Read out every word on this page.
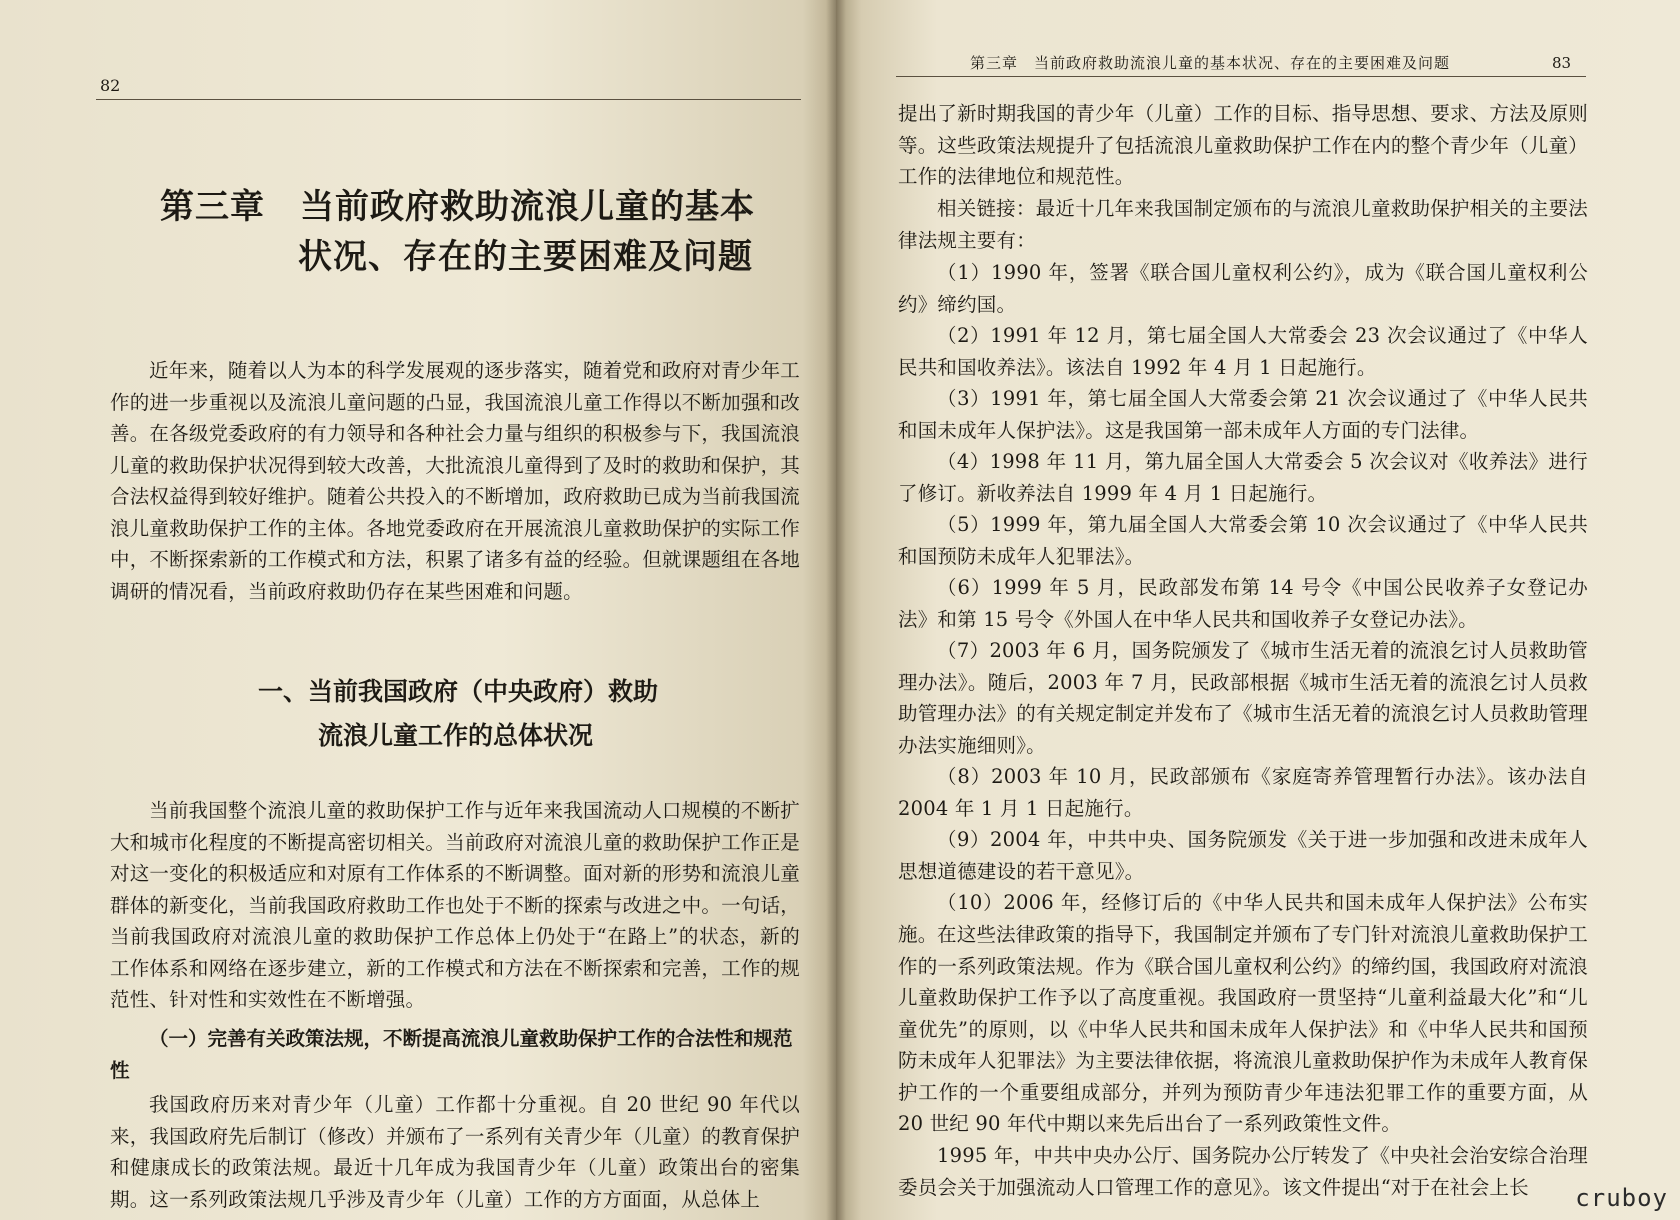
82
第三章　当前政府救助流浪儿童的基本
状况、存在的主要困难及问题
近年来，随着以人为本的科学发展观的逐步落实，随着党和政府对青少年工作的进一步重视以及流浪儿童问题的凸显，我国流浪儿童工作得以不断加强和改善。在各级党委政府的有力领导和各种社会力量与组织的积极参与下，我国流浪儿童的救助保护状况得到较大改善，大批流浪儿童得到了及时的救助和保护，其合法权益得到较好维护。随着公共投入的不断增加，政府救助已成为当前我国流浪儿童救助保护工作的主体。各地党委政府在开展流浪儿童救助保护的实际工作中，不断探索新的工作模式和方法，积累了诸多有益的经验。但就课题组在各地调研的情况看，当前政府救助仍存在某些困难和问题。
一、当前我国政府（中央政府）救助
流浪儿童工作的总体状况
当前我国整个流浪儿童的救助保护工作与近年来我国流动人口规模的不断扩大和城市化程度的不断提高密切相关。当前政府对流浪儿童的救助保护工作正是对这一变化的积极适应和对原有工作体系的不断调整。面对新的形势和流浪儿童群体的新变化，当前我国政府救助工作也处于不断的探索与改进之中。一句话，当前我国政府对流浪儿童的救助保护工作总体上仍处于“在路上”的状态，新的工作体系和网络在逐步建立，新的工作模式和方法在不断探索和完善，工作的规范性、针对性和实效性在不断增强。
（一）完善有关政策法规，不断提高流浪儿童救助保护工作的合法性和规范性
我国政府历来对青少年（儿童）工作都十分重视。自 20 世纪 90 年代以来，我国政府先后制订（修改）并颁布了一系列有关青少年（儿童）的教育保护和健康成长的政策法规。最近十几年成为我国青少年（儿童）政策出台的密集期。这一系列政策法规几乎涉及青少年（儿童）工作的方方面面，从总体上
第三章　当前政府救助流浪儿童的基本状况、存在的主要困难及问题	83
提出了新时期我国的青少年（儿童）工作的目标、指导思想、要求、方法及原则等。这些政策法规提升了包括流浪儿童救助保护工作在内的整个青少年（儿童）工作的法律地位和规范性。
相关链接：最近十几年来我国制定颁布的与流浪儿童救助保护相关的主要法律法规主要有：
（1）1990 年，签署《联合国儿童权利公约》，成为《联合国儿童权利公约》缔约国。
（2）1991 年 12 月，第七届全国人大常委会 23 次会议通过了《中华人民共和国收养法》。该法自 1992 年 4 月 1 日起施行。
（3）1991 年，第七届全国人大常委会第 21 次会议通过了《中华人民共和国未成年人保护法》。这是我国第一部未成年人方面的专门法律。
（4）1998 年 11 月，第九届全国人大常委会 5 次会议对《收养法》进行了修订。新收养法自 1999 年 4 月 1 日起施行。
（5）1999 年，第九届全国人大常委会第 10 次会议通过了《中华人民共和国预防未成年人犯罪法》。
（6）1999 年 5 月，民政部发布第 14 号令《中国公民收养子女登记办法》和第 15 号令《外国人在中华人民共和国收养子女登记办法》。
（7）2003 年 6 月，国务院颁发了《城市生活无着的流浪乞讨人员救助管理办法》。随后，2003 年 7 月，民政部根据《城市生活无着的流浪乞讨人员救助管理办法》的有关规定制定并发布了《城市生活无着的流浪乞讨人员救助管理办法实施细则》。
（8）2003 年 10 月，民政部颁布《家庭寄养管理暂行办法》。该办法自 2004 年 1 月 1 日起施行。
（9）2004 年，中共中央、国务院颁发《关于进一步加强和改进未成年人思想道德建设的若干意见》。
（10）2006 年，经修订后的《中华人民共和国未成年人保护法》公布实施。 在这些法律政策的指导下，我国制定并颁布了专门针对流浪儿童救助保护工作的一系列政策法规。作为《联合国儿童权利公约》的缔约国，我国政府对流浪儿童救助保护工作予以了高度重视。我国政府一贯坚持“儿童利益最大化”和“儿童优先”的原则，以《中华人民共和国未成年人保护法》和《中华人民共和国预防未成年人犯罪法》为主要法律依据，将流浪儿童救助保护作为未成年人教育保护工作的一个重要组成部分，并列为预防青少年违法犯罪工作的重要方面，从 20 世纪 90 年代中期以来先后出台了一系列政策性文件。
1995 年，中共中央办公厅、国务院办公厅转发了《中央社会治安综合治理委员会关于加强流动人口管理工作的意见》。该文件提出“对于在社会上长	cruboy
